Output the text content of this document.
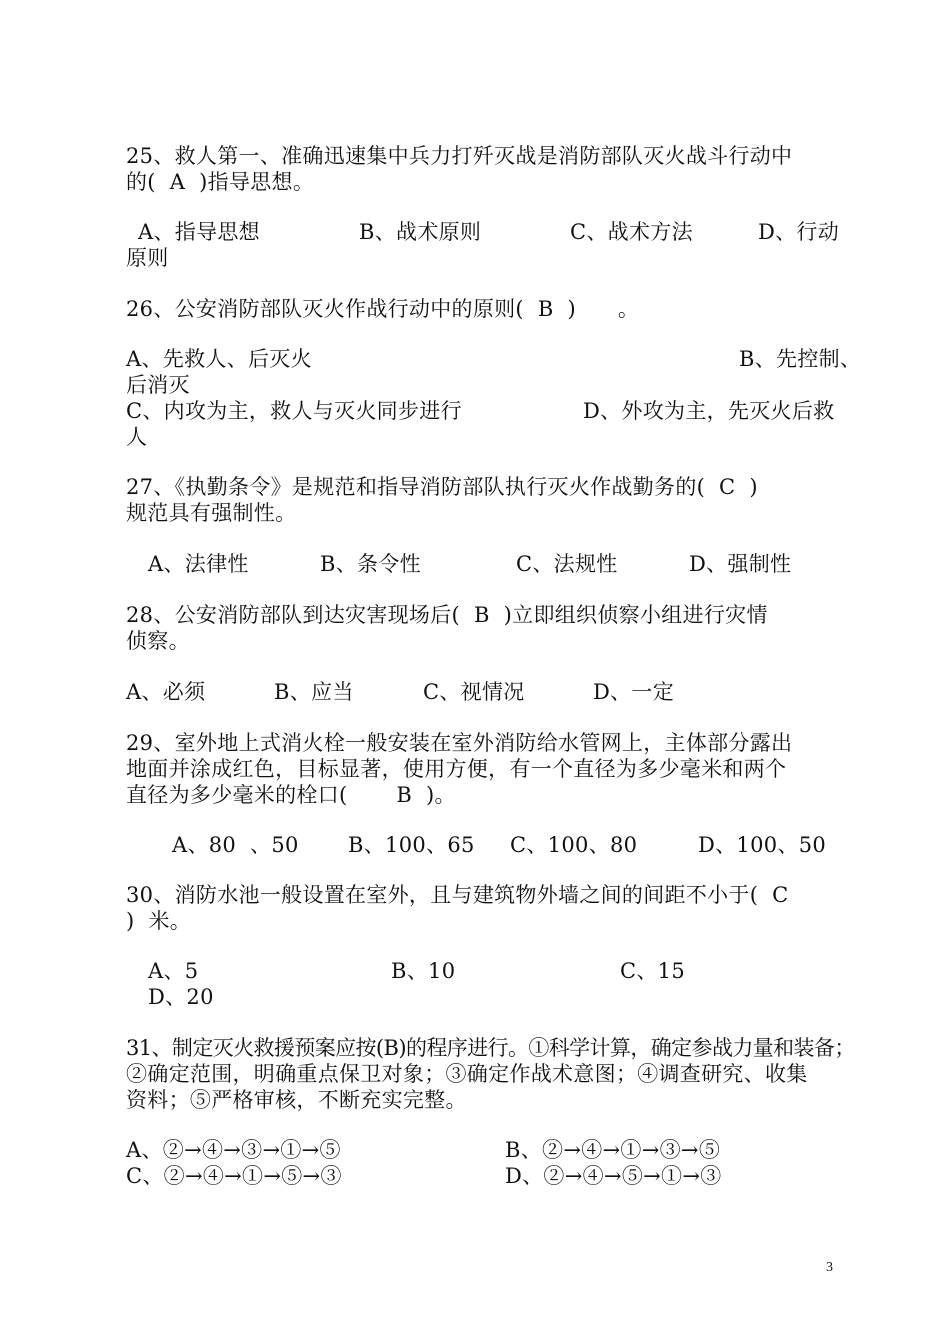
25、救人第一、准确迅速集中兵力打歼灭战是消防部队灭火战斗行动中
的(  A  )指导思想。
A、指导思想	B、战术原则	C、战术方法	D、行动
原则
26、公安消防部队灭火作战行动中的原则(  B  )      。
A、先救人、后灭火	B、先控制、
后消灭
C、内攻为主，救人与灭火同步进行	D、外攻为主，先灭火后救
人
27、《执勤条令》是规范和指导消防部队执行灭火作战勤务的(  C  )
规范具有强制性。
A、法律性	B、条令性	C、法规性	D、强制性
28、公安消防部队到达灾害现场后(  B  )立即组织侦察小组进行灾情
侦察。
A、必须	B、应当	C、视情况	D、一定
29、室外地上式消火栓一般安装在室外消防给水管网上，主体部分露出
地面并涂成红色，目标显著，使用方便，有一个直径为多少毫米和两个
直径为多少毫米的栓口(       B  )。
A、80  、50 B、100、65 C、100、80	D、100、50
30、消防水池一般设置在室外，且与建筑物外墙之间的间距不小于(  C
)  米。
A、5	B、10	C、15
D、20
31、制定灭火救援预案应按(B)的程序进行。①科学计算，确定参战力量和装备；
②确定范围，明确重点保卫对象；③确定作战术意图；④调查研究、收集
资料；⑤严格审核，不断充实完整。
A、②→④→③→①→⑤	B、②→④→①→③→⑤
C、②→④→①→⑤→③	D、②→④→⑤→①→③
3
